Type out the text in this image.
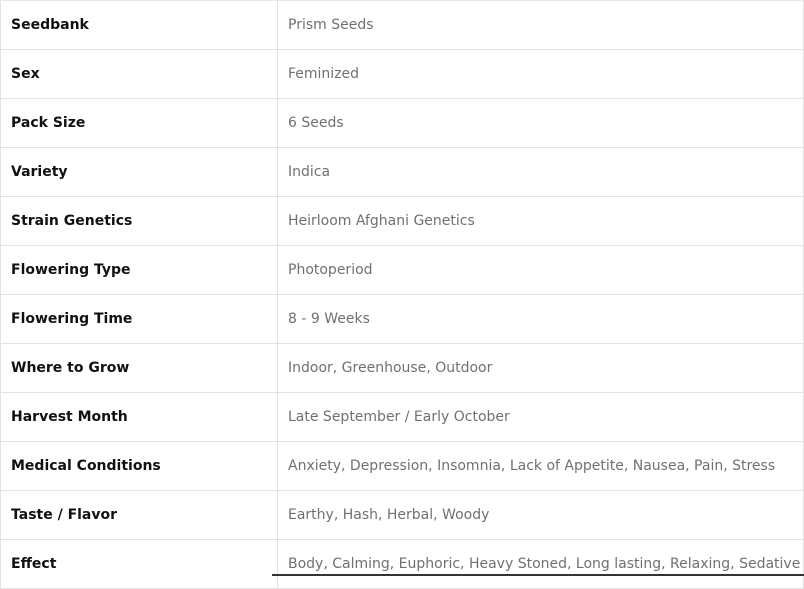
Seedbank	Prism Seeds
Sex	Feminized
Pack Size	6 Seeds
Variety	Indica
Strain Genetics	Heirloom Afghani Genetics
Flowering Type	Photoperiod
Flowering Time	8 - 9 Weeks
Where to Grow	Indoor, Greenhouse, Outdoor
Harvest Month	Late September / Early October
Medical Conditions	Anxiety, Depression, Insomnia, Lack of Appetite, Nausea, Pain, Stress
Taste / Flavor	Earthy, Hash, Herbal, Woody
Effect	Body, Calming, Euphoric, Heavy Stoned, Long lasting, Relaxing, Sedative
